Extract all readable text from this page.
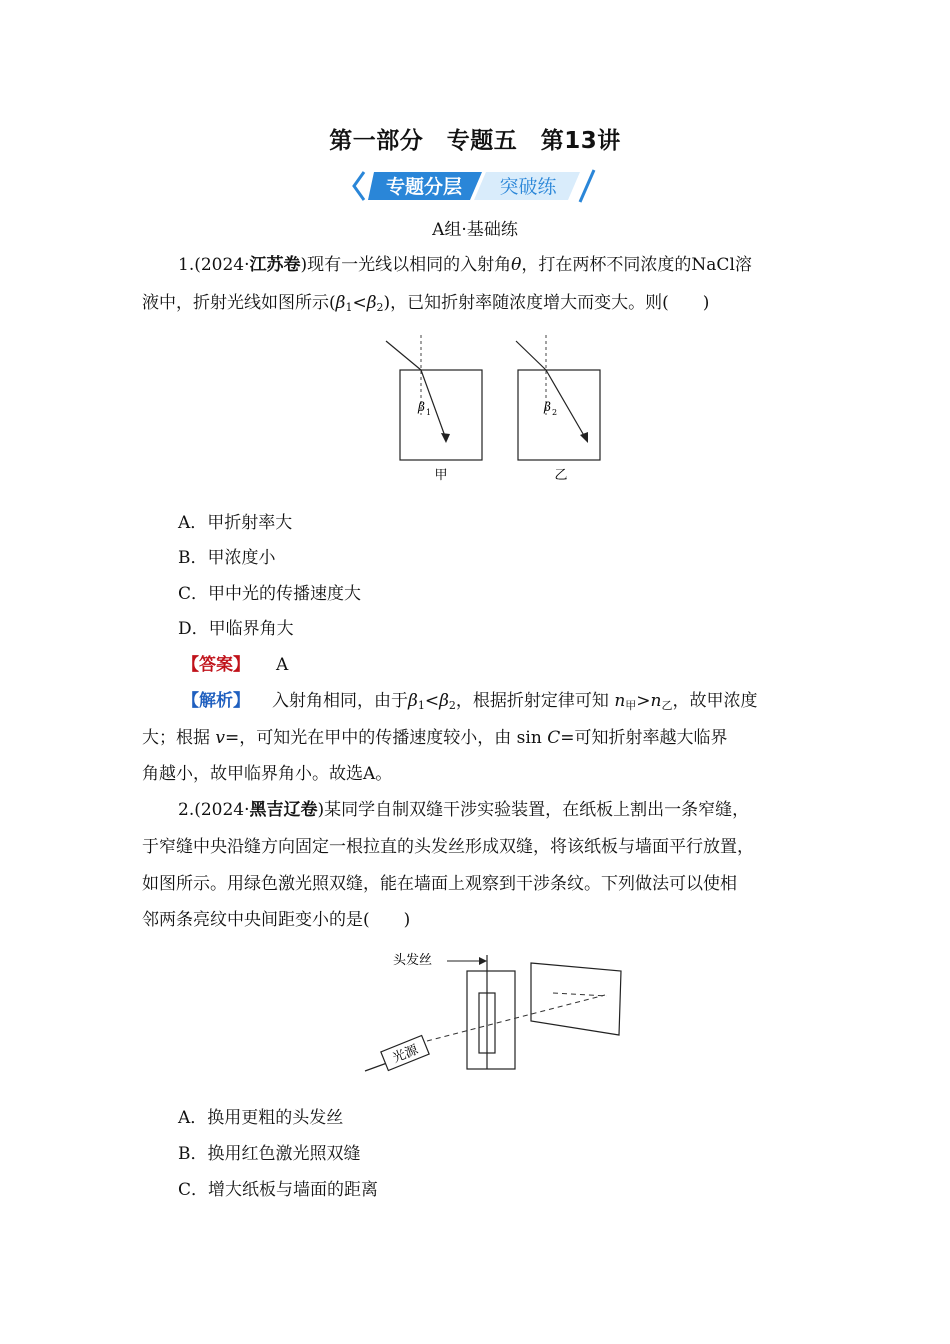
第一部分　专题五　第13讲
专题分层 突破练
A组·基础练
1.(2024·江苏卷)现有一光线以相同的入射角θ，打在两杯不同浓度的NaCl溶
液中，折射光线如图所示$(\beta_1<\beta_2)$，已知折射率随浓度增大而变大。则(　　)
β 1
甲
β 2
乙
A．甲折射率大
B．甲浓度小
C．甲中光的传播速度大
D．甲临界角大
【答案】 A
【解析】 入射角相同，由于$\beta_1<\beta_2$，根据折射定律可知 $n_甲>n_乙$，故甲浓度
大；根据 v=，可知光在甲中的传播速度较小，由 sin C=可知折射率越大临界
角越小，故甲临界角小。故选A。
2.(2024·黑吉辽卷)某同学自制双缝干涉实验装置，在纸板上割出一条窄缝，
于窄缝中央沿缝方向固定一根拉直的头发丝形成双缝，将该纸板与墙面平行放置，
如图所示。用绿色激光照双缝，能在墙面上观察到干涉条纹。下列做法可以使相
邻两条亮纹中央间距变小的是(　　)
头发丝
光源
A．换用更粗的头发丝
B．换用红色激光照双缝
C．增大纸板与墙面的距离
